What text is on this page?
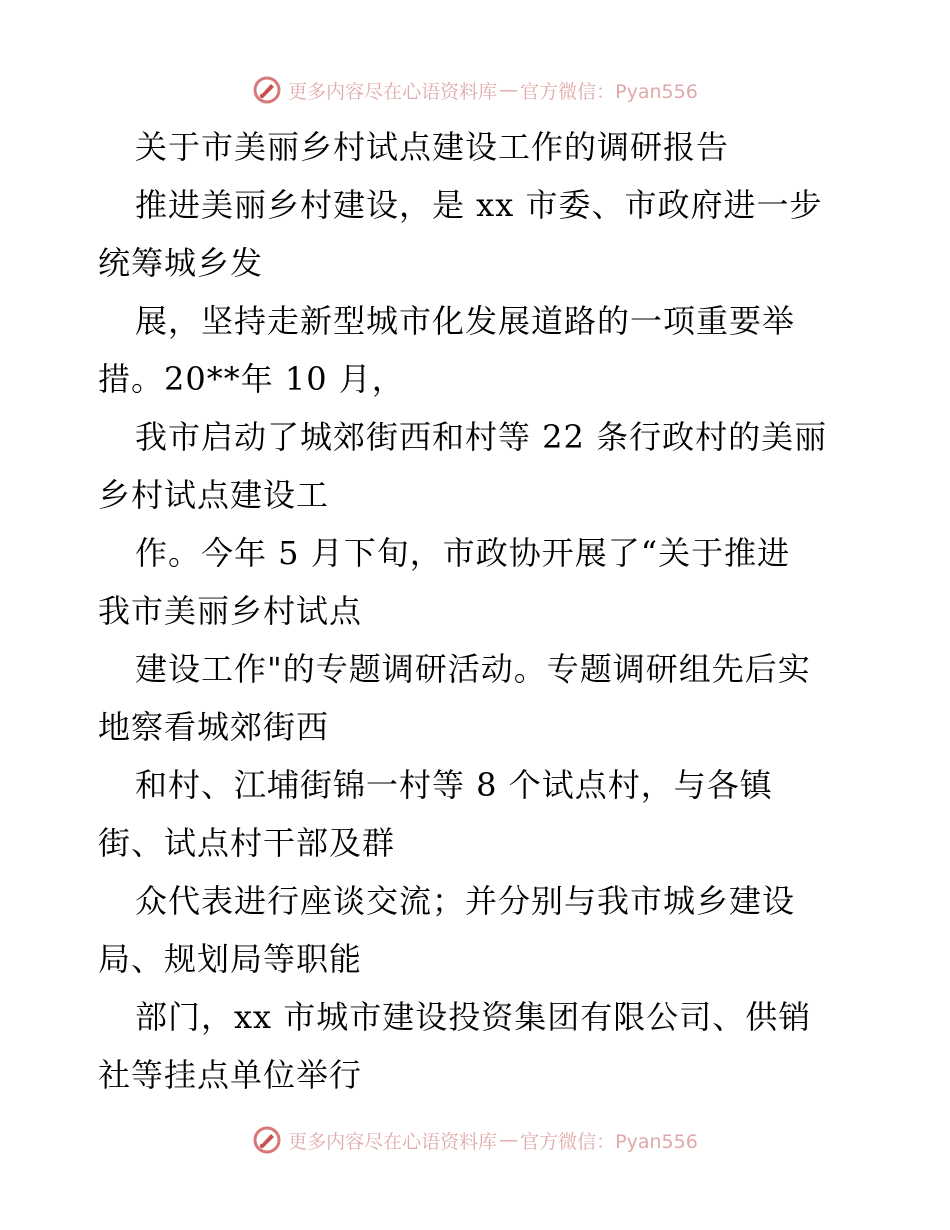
更多内容尽在心语资料库 — 官方微信：Pyan556
关于市美丽乡村试点建设工作的调研报告
推进美丽乡村建设，是 xx 市委、市政府进一步
统筹城乡发
展，坚持走新型城市化发展道路的一项重要举
措。20**年 10 月，
我市启动了城郊街西和村等 22 条行政村的美丽
乡村试点建设工
作。今年 5 月下旬，市政协开展了“关于推进
我市美丽乡村试点
建设工作"的专题调研活动。专题调研组先后实
地察看城郊街西
和村、江埔街锦一村等 8 个试点村，与各镇
街、试点村干部及群
众代表进行座谈交流；并分别与我市城乡建设
局、规划局等职能
部门，xx 市城市建设投资集团有限公司、供销
社等挂点单位举行
更多内容尽在心语资料库 — 官方微信：Pyan556
